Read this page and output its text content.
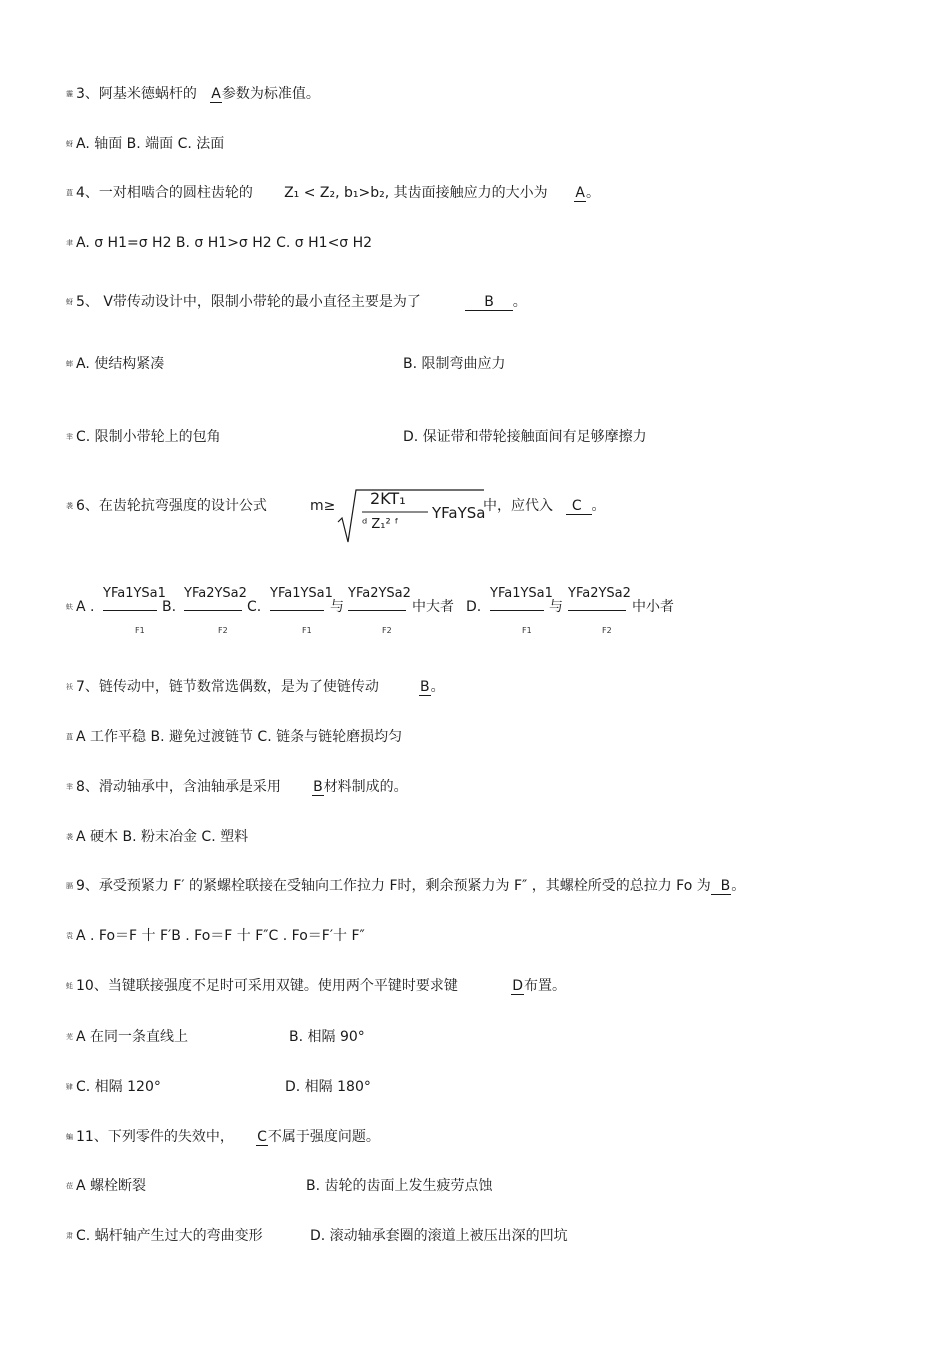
霾 3、阿基米德蜗杆的 A参数为标准值。
蚜 A. 轴面 B. 端面 C. 法面
蒀 4、一对相啮合的圆柱齿轮的 Z₁ < Z₂, b₁>b₂, 其齿面接触应力的大小为 A。
聿 A. σ H1=σ H2 B. σ H1>σ H2 C. σ H1<σ H2
蚜 5、 V带传动设计中，限制小带轮的最小直径主要是为了	B 。
蟀 A. 使结构紧凑	B. 限制弯曲应力
芈 C. 限制小带轮上的包角	D. 保证带和带轮接触面间有足够摩擦力
袭 6、在齿轮抗弯强度的设计公式	m≥ 2KT₁
ᵈ Z₁² ᶠ
YFaYSa
中，应代入 C 。
蚨 A .
YFa1YSa1
F1
B.
YFa2YSa2
F2
C.
YFa1YSa1
F1
与
YFa2YSa2
F2
中大者 D.
YFa1YSa1
F1
与
YFa2YSa2
F2
中小者
袄 7、链传动中，链节数常选偶数，是为了使链传动	B。
蒀 A 工作平稳 B. 避免过渡链节 C. 链条与链轮磨损均匀
芈 8、滑动轴承中，含油轴承是采用 B材料制成的。
袭 A 硬木 B. 粉末冶金 C. 塑料
膈 9、承受预紧力 F′ 的紧螺栓联接在受轴向工作拉力 F时，剩余预紧力为 F″ ，其螺栓所受的总拉力 Fo 为 B。
袁 A . Fo＝F 十 F′B . Fo＝F 十 F″C . Fo＝F′十 F″
蚝 10、当键联接强度不足时可采用双键。使用两个平键时要求键	D布置。
芜 A 在同一条直线上	B. 相隔 90°
肄 C. 相隔 120°	D. 相隔 180°
蝙 11、下列零件的失效中， C不属于强度问题。
莅 A 螺栓断裂	B. 齿轮的齿面上发生疲劳点蚀
肃 C. 蜗杆轴产生过大的弯曲变形	D. 滚动轴承套圈的滚道上被压出深的凹坑
